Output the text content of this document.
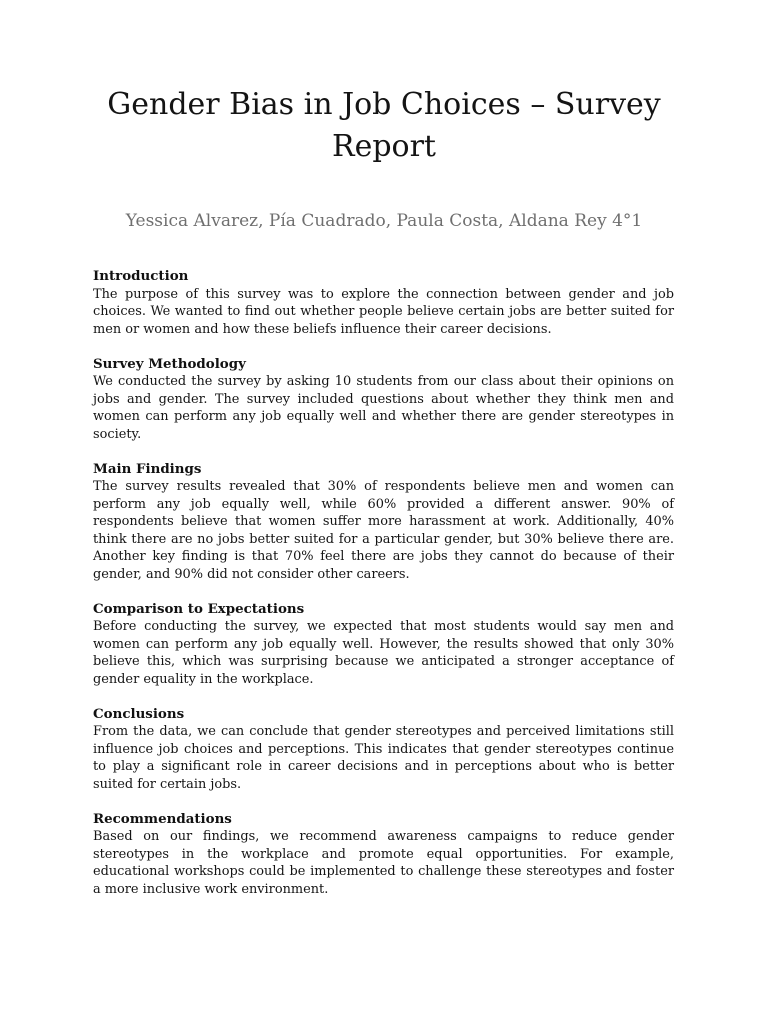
Gender Bias in Job Choices – Survey Report

Yessica Alvarez, Pía Cuadrado, Paula Costa, Aldana Rey 4°1

Introduction

The purpose of this survey was to explore the connection between gender and job choices. We wanted to find out whether people believe certain jobs are better suited for men or women and how these beliefs influence their career decisions.

Survey Methodology

We conducted the survey by asking 10 students from our class about their opinions on jobs and gender. The survey included questions about whether they think men and women can perform any job equally well and whether there are gender stereotypes in society.

Main Findings

The survey results revealed that 30% of respondents believe men and women can perform any job equally well, while 60% provided a different answer. 90% of respondents believe that women suffer more harassment at work. Additionally, 40% think there are no jobs better suited for a particular gender, but 30% believe there are. Another key finding is that 70% feel there are jobs they cannot do because of their gender, and 90% did not consider other careers.

Comparison to Expectations

Before conducting the survey, we expected that most students would say men and women can perform any job equally well. However, the results showed that only 30% believe this, which was surprising because we anticipated a stronger acceptance of gender equality in the workplace.

Conclusions

From the data, we can conclude that gender stereotypes and perceived limitations still influence job choices and perceptions. This indicates that gender stereotypes continue to play a significant role in career decisions and in perceptions about who is better suited for certain jobs.

Recommendations

Based on our findings, we recommend awareness campaigns to reduce gender stereotypes in the workplace and promote equal opportunities. For example, educational workshops could be implemented to challenge these stereotypes and foster a more inclusive work environment.
